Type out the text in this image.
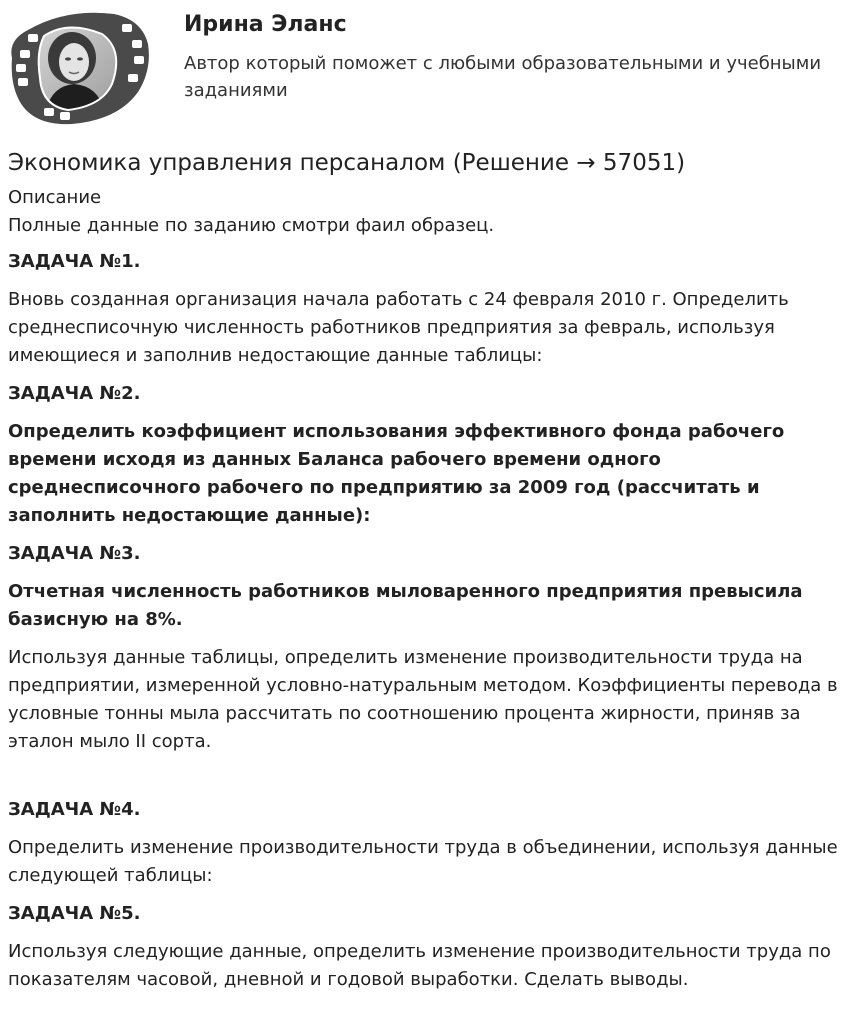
Ирина Эланс
Автор который поможет с любыми образовательными и учебными заданиями
Экономика управления персаналом (Решение → 57051)
Описание

Полные данные по заданию смотри фаил образец.

ЗАДАЧА №1.

Вновь созданная организация начала работать с 24 февраля 2010 г. Определить среднесписочную численность работников предприятия за февраль, используя имеющиеся и заполнив недостающие данные таблицы:

ЗАДАЧА №2.

Определить коэффициент использования эффективного фонда рабочего времени исходя из данных Баланса рабочего времени одного среднесписочного рабочего по предприятию за 2009 год (рассчитать и заполнить недостающие данные):

ЗАДАЧА №3.

Отчетная численность работников мыловаренного предприятия превысила базисную на 8%.

Используя данные таблицы, определить изменение производительности труда на предприятии, измеренной условно-натуральным методом. Коэффициенты перевода в условные тонны мыла рассчитать по соотношению процента жирности, приняв за эталон мыло II сорта.

ЗАДАЧА №4.

Определить изменение производительности труда в объединении, используя данные следующей таблицы:

ЗАДАЧА №5.

Используя следующие данные, определить изменение производительности труда по показателям часовой, дневной и годовой выработки. Сделать выводы.
